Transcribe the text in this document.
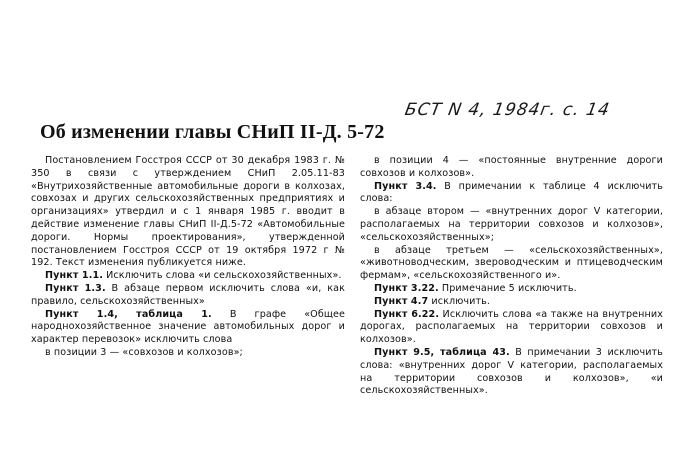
БСТ N 4, 1984г. с. 14
Об изменении главы СНиП II-Д. 5-72

Постановлением Госстроя СССР от 30 декабря 1983 г. № 350 в связи с утверждением СНиП 2.05.11-83 «Внутрихозяйственные автомобильные дороги в колхозах, совхозах и других сельскохозяйственных предприятиях и организациях» утвердил и с 1 января 1985 г. вводит в действие изменение главы СНиП II-Д.5-72 «Автомобильные дороги. Нормы проектирования», утвержденной постановлением Госстроя СССР от 19 октября 1972 г № 192. Текст изменения публикуется ниже.

Пункт 1.1. Исключить слова «и сельскохозяйственных».

Пункт 1.3. В абзаце первом исключить слова «и, как правило, сельскохозяйственных»

Пункт 1.4, таблица 1. В графе «Общее народнохозяйственное значение автомобильных дорог и характер перевозок» исключить слова

в позиции 3 — «совхозов и колхозов»;

в позиции 4 — «постоянные внутренние дороги совхозов и колхозов».

Пункт 3.4. В примечании к таблице 4 исключить слова:

в абзаце втором — «внутренних дорог V категории, располагаемых на территории совхозов и колхозов», «сельскохозяйственных»;

в абзаце третьем — «сельскохозяйственных», «животноводческим, звероводческим и птицеводческим фермам», «сельскохозяйственного и».

Пункт 3.22. Примечание 5 исключить.

Пункт 4.7 исключить.

Пункт 6.22. Исключить слова «а также на внутренних дорогах, располагаемых на территории совхозов и колхозов».

Пункт 9.5, таблица 43. В примечании 3 исключить слова: «внутренних дорог V категории, располагаемых на территории совхозов и колхозов», «и сельскохозяйственных».
